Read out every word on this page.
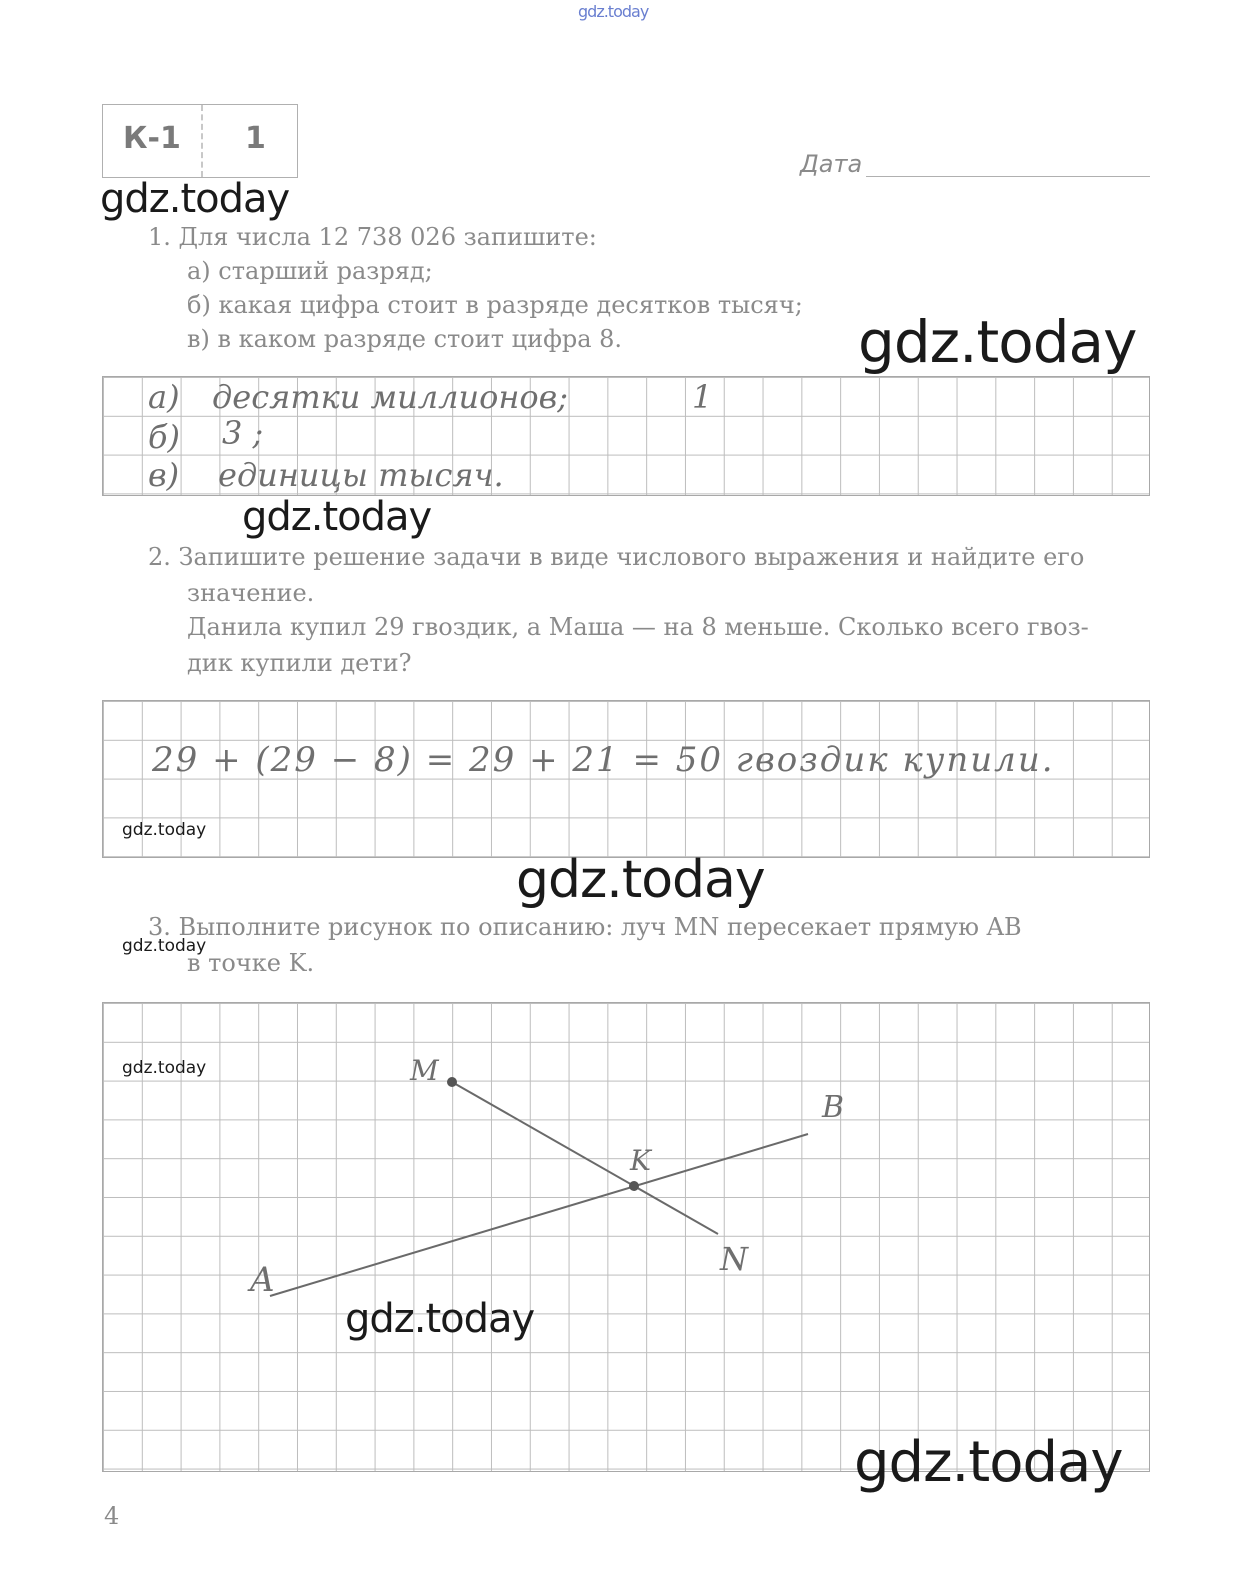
gdz.today
К-1 1
Дата
gdz.today
1. Для числа 12 738 026 запишите:
а) старший разряд;
б) какая цифра стоит в разряде десятков тысяч;
в) в каком разряде стоит цифра 8.	gdz.today
а) десятки миллионов;	1
б) 3 ;
в) единицы тысяч.
gdz.today
2. Запишите решение задачи в виде числового выражения и найдите его
значение.
Данила купил 29 гвоздик, а Маша — на 8 меньше. Сколько всего гвоз-
дик купили дети?
29 + (29 − 8) = 29 + 21 = 50 гвоздик купили.
gdz.today
gdz.today
3. Выполните рисунок по описанию: луч MN пересекает прямую AB
в точке K.
gdz.today
gdz.today	M
B
K
N
A
gdz.today
gdz.today
4
